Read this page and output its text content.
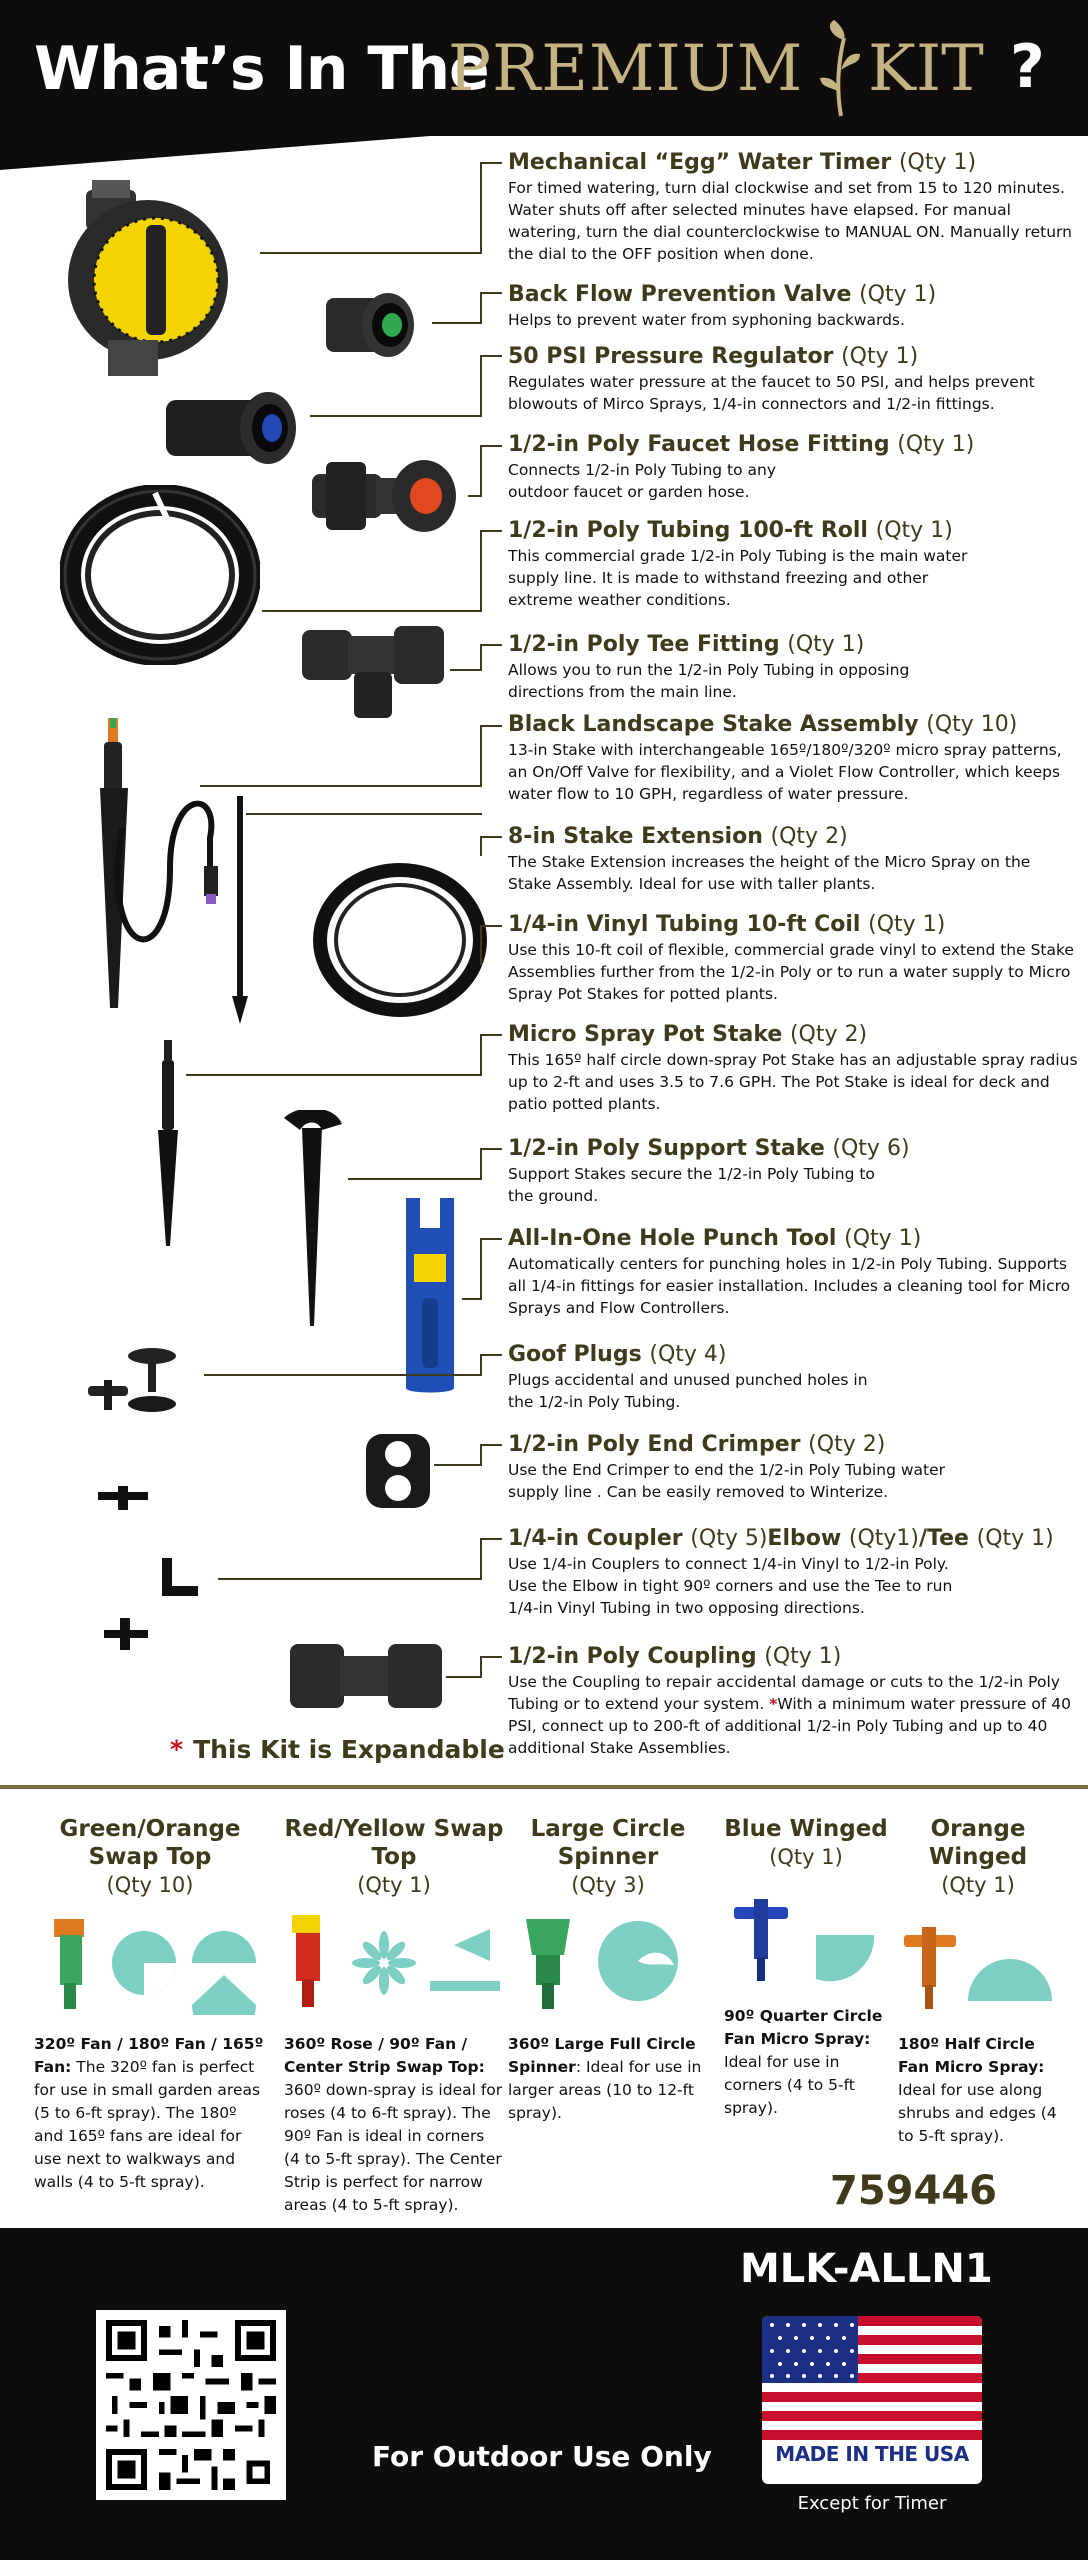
What’s In The
PREMIUM KIT ?
Mechanical “Egg” Water Timer (Qty 1)
For timed watering, turn dial clockwise and set from 15 to 120 minutes. Water shuts off after selected minutes have elapsed. For manual watering, turn the dial counterclockwise to MANUAL ON. Manually return the dial to the OFF position when done.
Back Flow Prevention Valve (Qty 1)
Helps to prevent water from syphoning backwards.
50 PSI Pressure Regulator (Qty 1)
Regulates water pressure at the faucet to 50 PSI, and helps prevent blowouts of Mirco Sprays, 1/4-in connectors and 1/2-in fittings.
1/2-in Poly Faucet Hose Fitting (Qty 1)
Connects 1/2-in Poly Tubing to any outdoor faucet or garden hose.
1/2-in Poly Tubing 100-ft Roll (Qty 1)
This commercial grade 1/2-in Poly Tubing is the main water supply line. It is made to withstand freezing and other extreme weather conditions.
1/2-in Poly Tee Fitting (Qty 1)
Allows you to run the 1/2-in Poly Tubing in opposing directions from the main line.
Black Landscape Stake Assembly (Qty 10)
13-in Stake with interchangeable 165º/180º/320º micro spray patterns, an On/Off Valve for flexibility, and a Violet Flow Controller, which keeps water flow to 10 GPH, regardless of water pressure.
8-in Stake Extension (Qty 2)
The Stake Extension increases the height of the Micro Spray on the Stake Assembly. Ideal for use with taller plants.
1/4-in Vinyl Tubing 10-ft Coil (Qty 1)
Use this 10-ft coil of flexible, commercial grade vinyl to extend the Stake Assemblies further from the 1/2-in Poly or to run a water supply to Micro Spray Pot Stakes for potted plants.
Micro Spray Pot Stake (Qty 2)
This 165º half circle down-spray Pot Stake has an adjustable spray radius up to 2-ft and uses 3.5 to 7.6 GPH. The Pot Stake is ideal for deck and patio potted plants.
1/2-in Poly Support Stake (Qty 6)
Support Stakes secure the 1/2-in Poly Tubing to the ground.
All-In-One Hole Punch Tool (Qty 1)
Automatically centers for punching holes in 1/2-in Poly Tubing. Supports all 1/4-in fittings for easier installation. Includes a cleaning tool for Micro Sprays and Flow Controllers.
Goof Plugs (Qty 4)
Plugs accidental and unused punched holes in the 1/2-in Poly Tubing.
1/2-in Poly End Crimper (Qty 2)
Use the End Crimper to end the 1/2-in Poly Tubing water supply line . Can be easily removed to Winterize.
1/4-in Coupler (Qty 5)Elbow (Qty1)/Tee (Qty 1)
Use 1/4-in Couplers to connect 1/4-in Vinyl to 1/2-in Poly. Use the Elbow in tight 90º corners and use the Tee to run 1/4-in Vinyl Tubing in two opposing directions.
1/2-in Poly Coupling (Qty 1)
Use the Coupling to repair accidental damage or cuts to the 1/2-in Poly Tubing or to extend your system. *With a minimum water pressure of 40 PSI, connect up to 200-ft of additional 1/2-in Poly Tubing and up to 40 additional Stake Assemblies.
* This Kit is Expandable
Green/Orange Swap Top
(Qty 10)
320º Fan / 180º Fan / 165º Fan: The 320º fan is perfect for use in small garden areas (5 to 6-ft spray). The 180º and 165º fans are ideal for use next to walkways and walls (4 to 5-ft spray).
Red/Yellow Swap Top
(Qty 1)
360º Rose / 90º Fan / Center Strip Swap Top: 360º down-spray is ideal for roses (4 to 6-ft spray). The 90º Fan is ideal in corners (4 to 5-ft spray). The Center Strip is perfect for narrow areas (4 to 5-ft spray).
Large Circle Spinner
(Qty 3)
360º Large Full Circle Spinner: Ideal for use in larger areas (10 to 12-ft spray).
Blue Winged
(Qty 1)
90º Quarter Circle Fan Micro Spray: Ideal for use in corners (4 to 5-ft spray).
Orange Winged
(Qty 1)
180º Half Circle Fan Micro Spray: Ideal for use along shrubs and edges (4 to 5-ft spray).
759446
MLK-ALLN1
For Outdoor Use Only	MADE IN THE USA
Except for Timer
